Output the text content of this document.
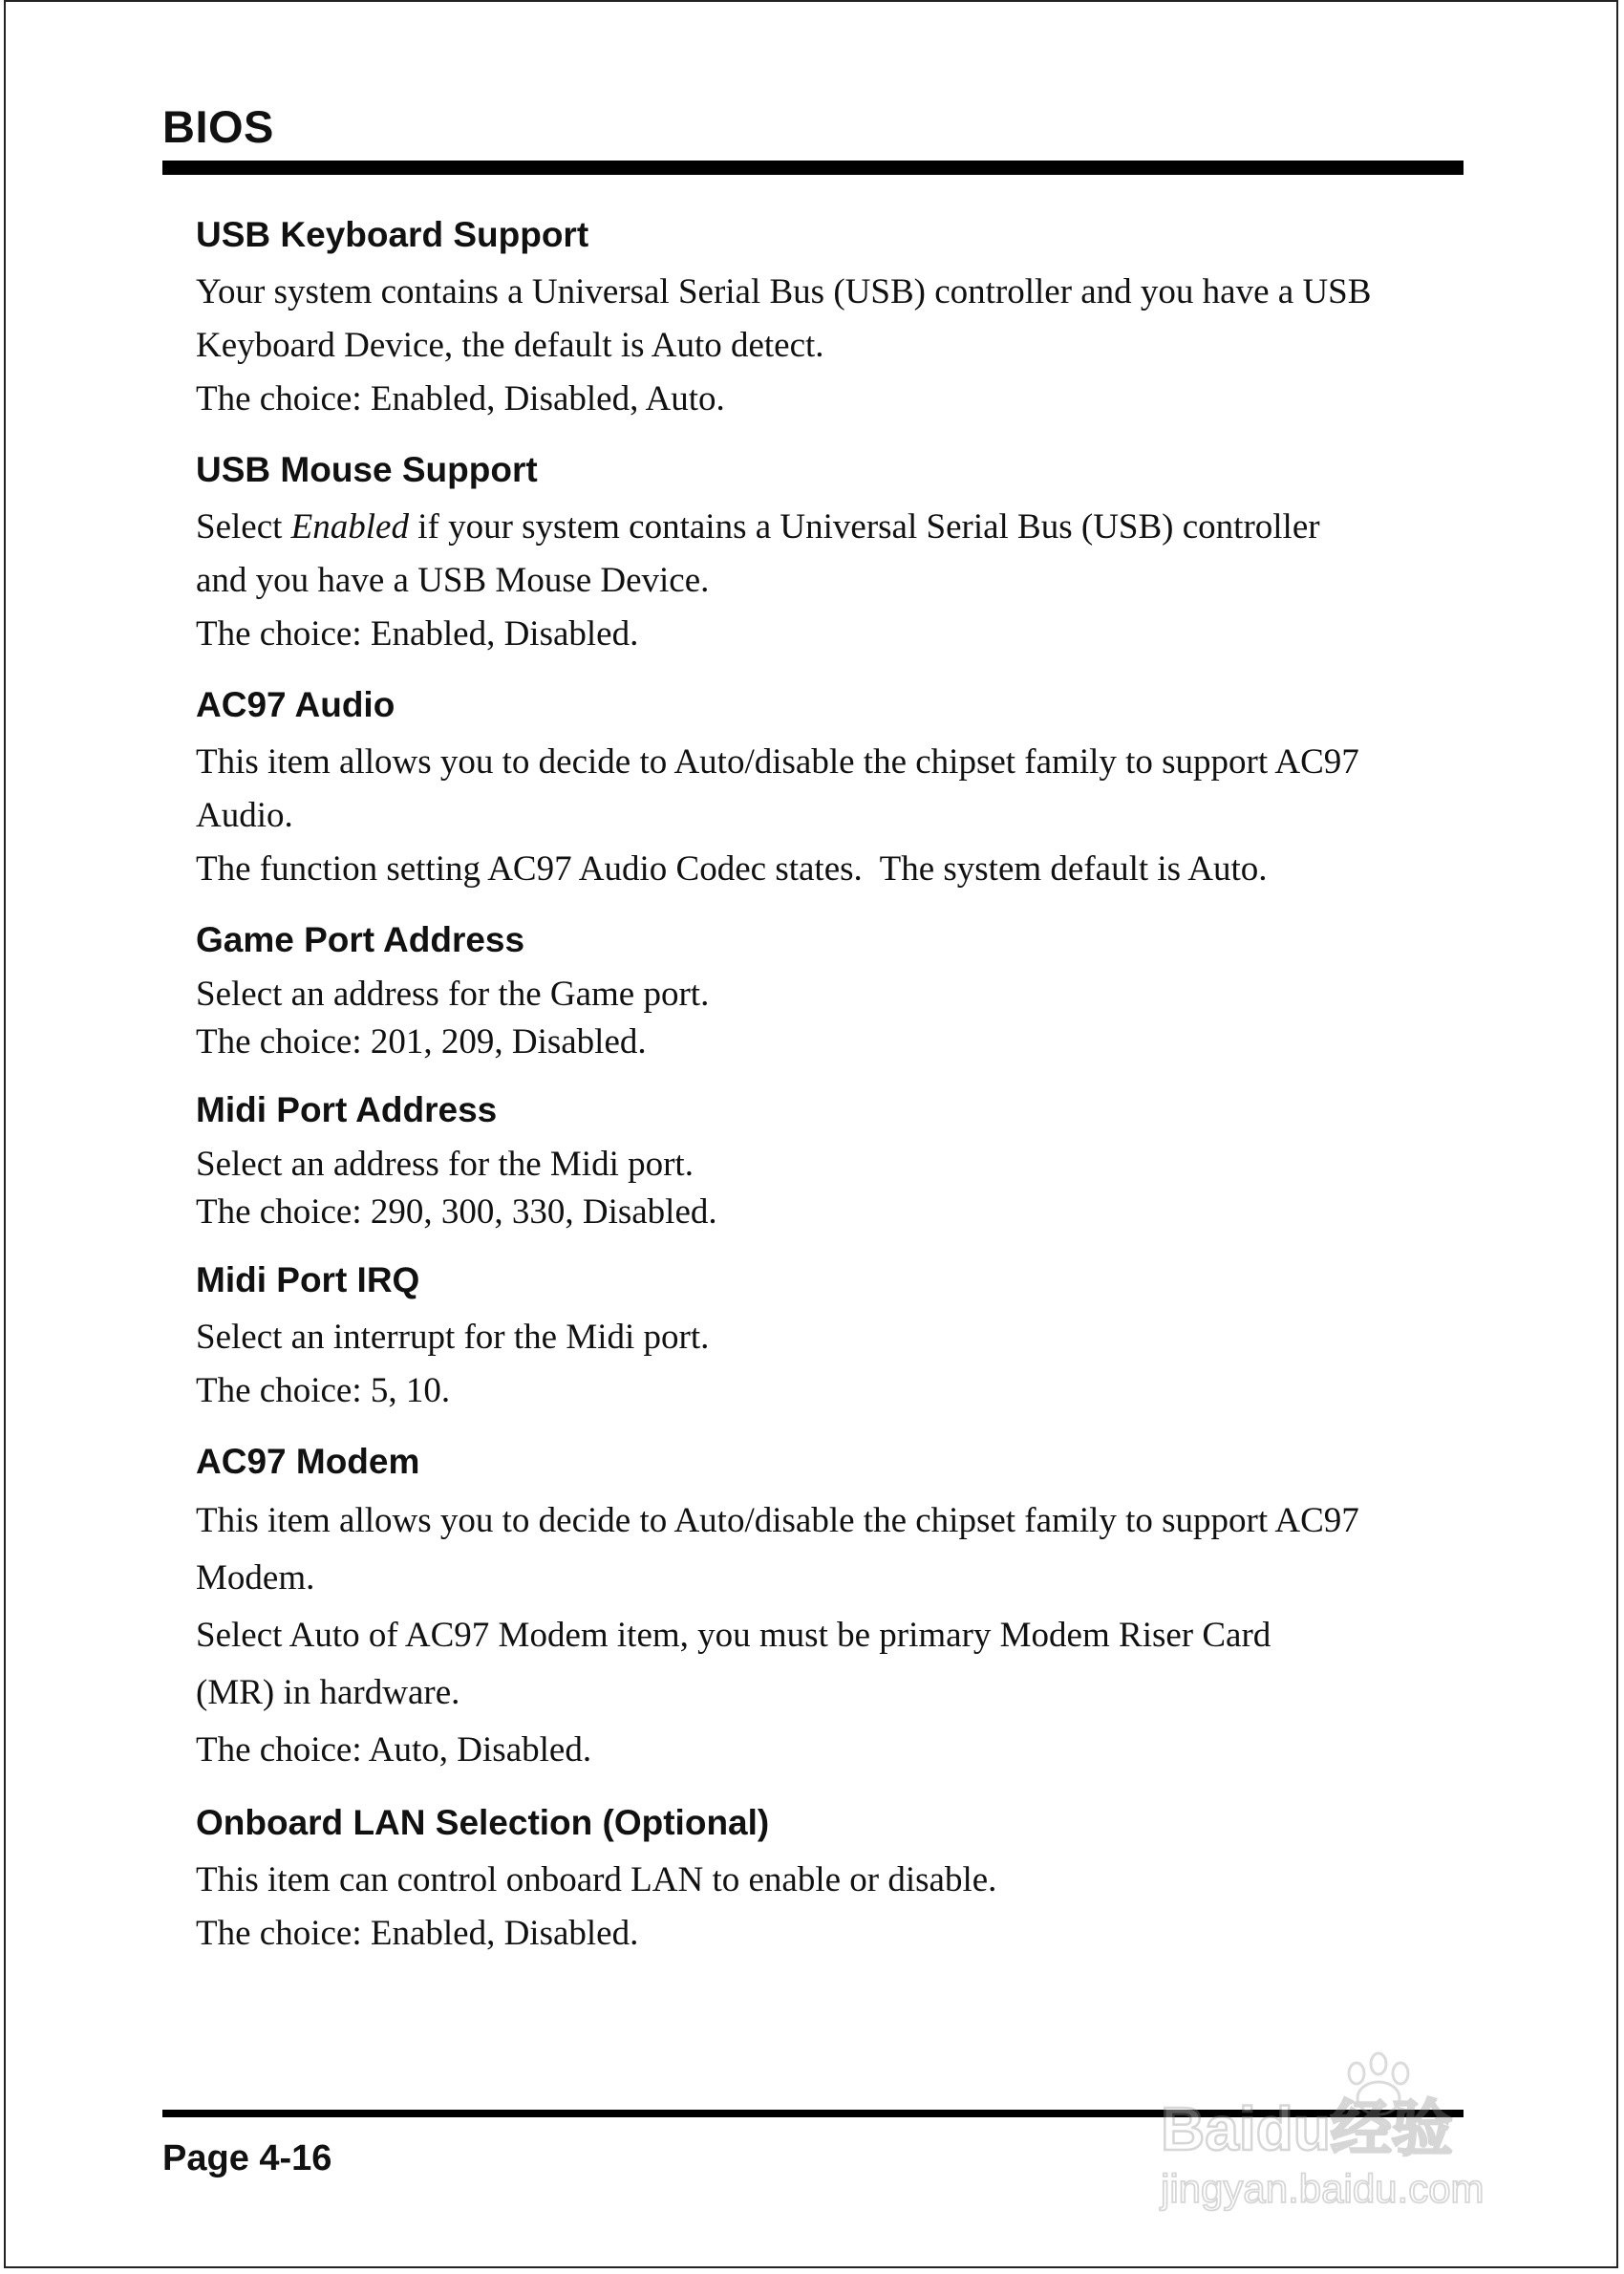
BIOS
USB Keyboard Support

Your system contains a Universal Serial Bus (USB) controller and you have a USB

Keyboard Device, the default is Auto detect.

The choice: Enabled, Disabled, Auto.

USB Mouse Support

Select Enabled if your system contains a Universal Serial Bus (USB) controller

and you have a USB Mouse Device.

The choice: Enabled, Disabled.

AC97 Audio

This item allows you to decide to Auto/disable the chipset family to support AC97

Audio.

The function setting AC97 Audio Codec states.  The system default is Auto.

Game Port Address

Select an address for the Game port.

The choice: 201, 209, Disabled.

Midi Port Address

Select an address for the Midi port.

The choice: 290, 300, 330, Disabled.

Midi Port IRQ

Select an interrupt for the Midi port.

The choice: 5, 10.

AC97 Modem

This item allows you to decide to Auto/disable the chipset family to support AC97

Modem.

Select Auto of AC97 Modem item, you must be primary Modem Riser Card

(MR) in hardware.

The choice: Auto, Disabled.

Onboard LAN Selection (Optional)

This item can control onboard LAN to enable or disable.

The choice: Enabled, Disabled.

Page 4-16	Baidu经验
jingyan.baidu.com
